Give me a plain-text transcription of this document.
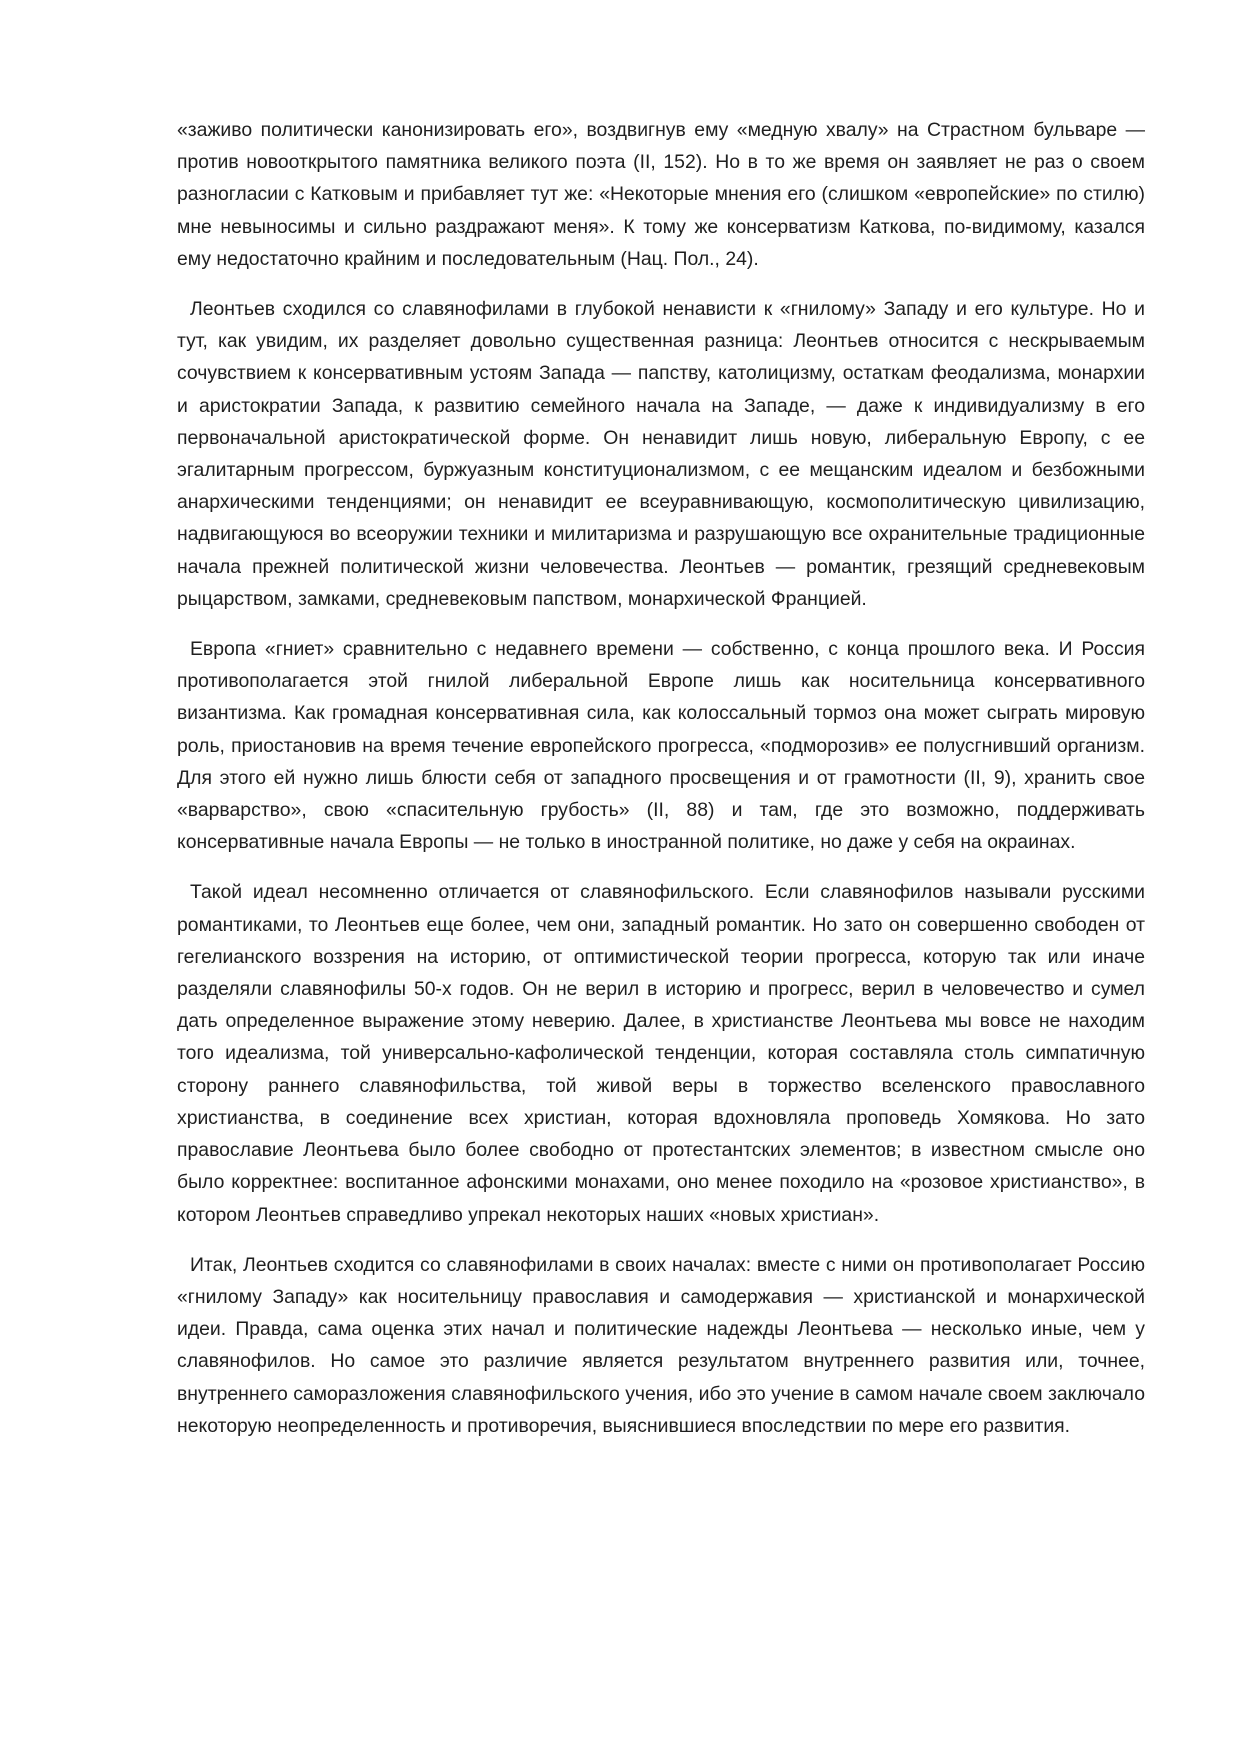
«заживо политически канонизировать его», воздвигнув ему «медную хвалу» на Страстном бульваре — против новооткрытого памятника великого поэта (II, 152). Но в то же время он заявляет не раз о своем разногласии с Катковым и прибавляет тут же: «Некоторые мнения его (слишком «европейские» по стилю) мне невыносимы и сильно раздражают меня». К тому же консерватизм Каткова, по-видимому, казался ему недостаточно крайним и последовательным (Нац. Пол., 24).

Леонтьев сходился со славянофилами в глубокой ненависти к «гнилому» Западу и его культуре. Но и тут, как увидим, их разделяет довольно существенная разница: Леонтьев относится с нескрываемым сочувствием к консервативным устоям Запада — папству, католицизму, остаткам феодализма, монархии и аристократии Запада, к развитию семейного начала на Западе, — даже к индивидуализму в его первоначальной аристократической форме. Он ненавидит лишь новую, либеральную Европу, с ее эгалитарным прогрессом, буржуазным конституционализмом, с ее мещанским идеалом и безбожными анархическими тенденциями; он ненавидит ее всеуравнивающую, космополитическую цивилизацию, надвигающуюся во всеоружии техники и милитаризма и разрушающую все охранительные традиционные начала прежней политической жизни человечества. Леонтьев — романтик, грезящий средневековым рыцарством, замками, средневековым папством, монархической Францией.

Европа «гниет» сравнительно с недавнего времени — собственно, с конца прошлого века. И Россия противополагается этой гнилой либеральной Европе лишь как носительница консервативного византизма. Как громадная консервативная сила, как колоссальный тормоз она может сыграть мировую роль, приостановив на время течение европейского прогресса, «подморозив» ее полусгнивший организм. Для этого ей нужно лишь блюсти себя от западного просвещения и от грамотности (II, 9), хранить свое «варварство», свою «спасительную грубость» (II, 88) и там, где это возможно, поддерживать консервативные начала Европы — не только в иностранной политике, но даже у себя на окраинах.

Такой идеал несомненно отличается от славянофильского. Если славянофилов называли русскими романтиками, то Леонтьев еще более, чем они, западный романтик. Но зато он совершенно свободен от гегелианского воззрения на историю, от оптимистической теории прогресса, которую так или иначе разделяли славянофилы 50-х годов. Он не верил в историю и прогресс, верил в человечество и сумел дать определенное выражение этому неверию. Далее, в христианстве Леонтьева мы вовсе не находим того идеализма, той универсально-кафолической тенденции, которая составляла столь симпатичную сторону раннего славянофильства, той живой веры в торжество вселенского православного христианства, в соединение всех христиан, которая вдохновляла проповедь Хомякова. Но зато православие Леонтьева было более свободно от протестантских элементов; в известном смысле оно было корректнее: воспитанное афонскими монахами, оно менее походило на «розовое христианство», в котором Леонтьев справедливо упрекал некоторых наших «новых христиан».

Итак, Леонтьев сходится со славянофилами в своих началах: вместе с ними он противополагает Россию «гнилому Западу» как носительницу православия и самодержавия — христианской и монархической идеи. Правда, сама оценка этих начал и политические надежды Леонтьева — несколько иные, чем у славянофилов. Но самое это различие является результатом внутреннего развития или, точнее, внутреннего саморазложения славянофильского учения, ибо это учение в самом начале своем заключало некоторую неопределенность и противоречия, выяснившиеся впоследствии по мере его развития.
